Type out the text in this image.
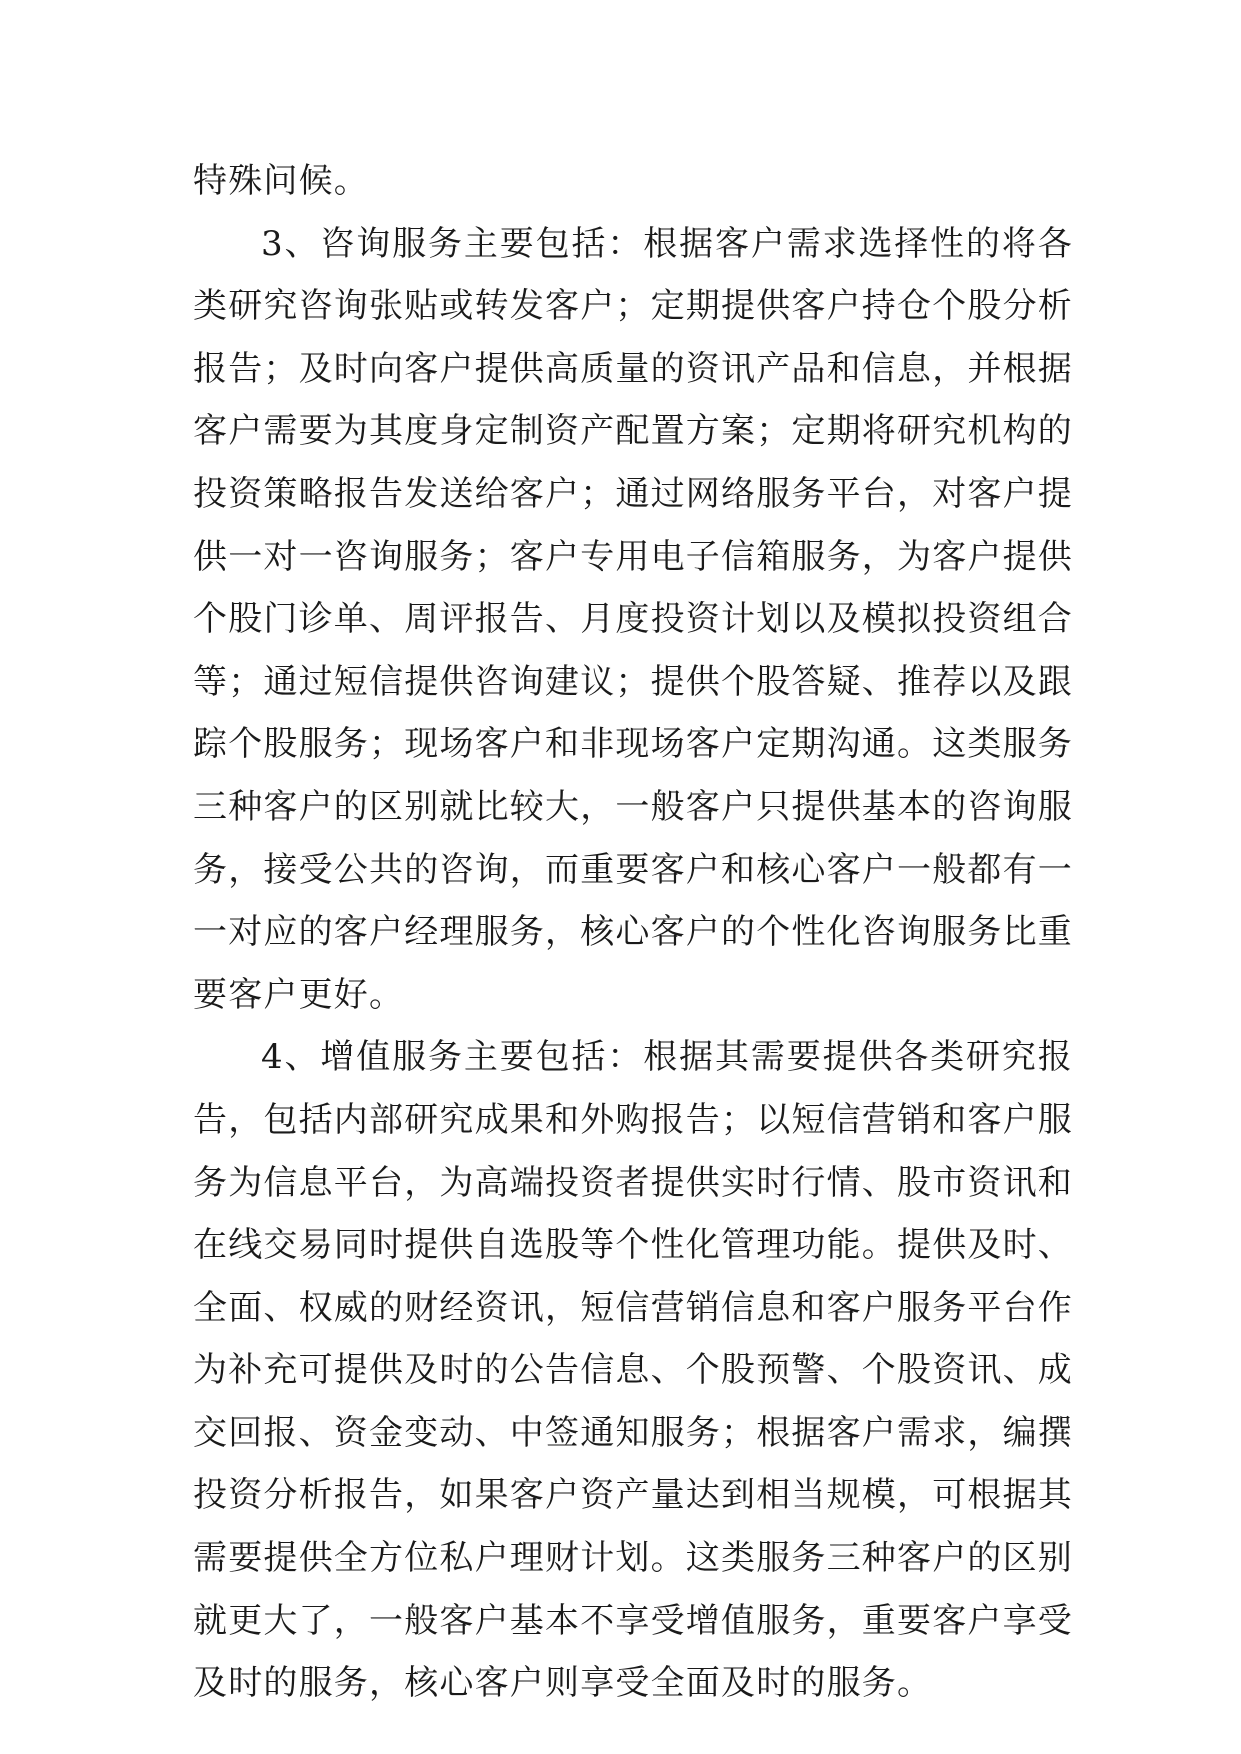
特殊问候。

3、咨询服务主要包括：根据客户需求选择性的将各类研究咨询张贴或转发客户；定期提供客户持仓个股分析报告；及时向客户提供高质量的资讯产品和信息，并根据客户需要为其度身定制资产配置方案；定期将研究机构的投资策略报告发送给客户；通过网络服务平台，对客户提供一对一咨询服务；客户专用电子信箱服务，为客户提供个股门诊单、周评报告、月度投资计划以及模拟投资组合等；通过短信提供咨询建议；提供个股答疑、推荐以及跟踪个股服务；现场客户和非现场客户定期沟通。这类服务三种客户的区别就比较大，一般客户只提供基本的咨询服务，接受公共的咨询，而重要客户和核心客户一般都有一一对应的客户经理服务，核心客户的个性化咨询服务比重要客户更好。

4、增值服务主要包括：根据其需要提供各类研究报告，包括内部研究成果和外购报告；以短信营销和客户服务为信息平台，为高端投资者提供实时行情、股市资讯和在线交易同时提供自选股等个性化管理功能。提供及时、全面、权威的财经资讯，短信营销信息和客户服务平台作为补充可提供及时的公告信息、个股预警、个股资讯、成交回报、资金变动、中签通知服务；根据客户需求，编撰投资分析报告，如果客户资产量达到相当规模，可根据其需要提供全方位私户理财计划。这类服务三种客户的区别就更大了，一般客户基本不享受增值服务，重要客户享受及时的服务，核心客户则享受全面及时的服务。
